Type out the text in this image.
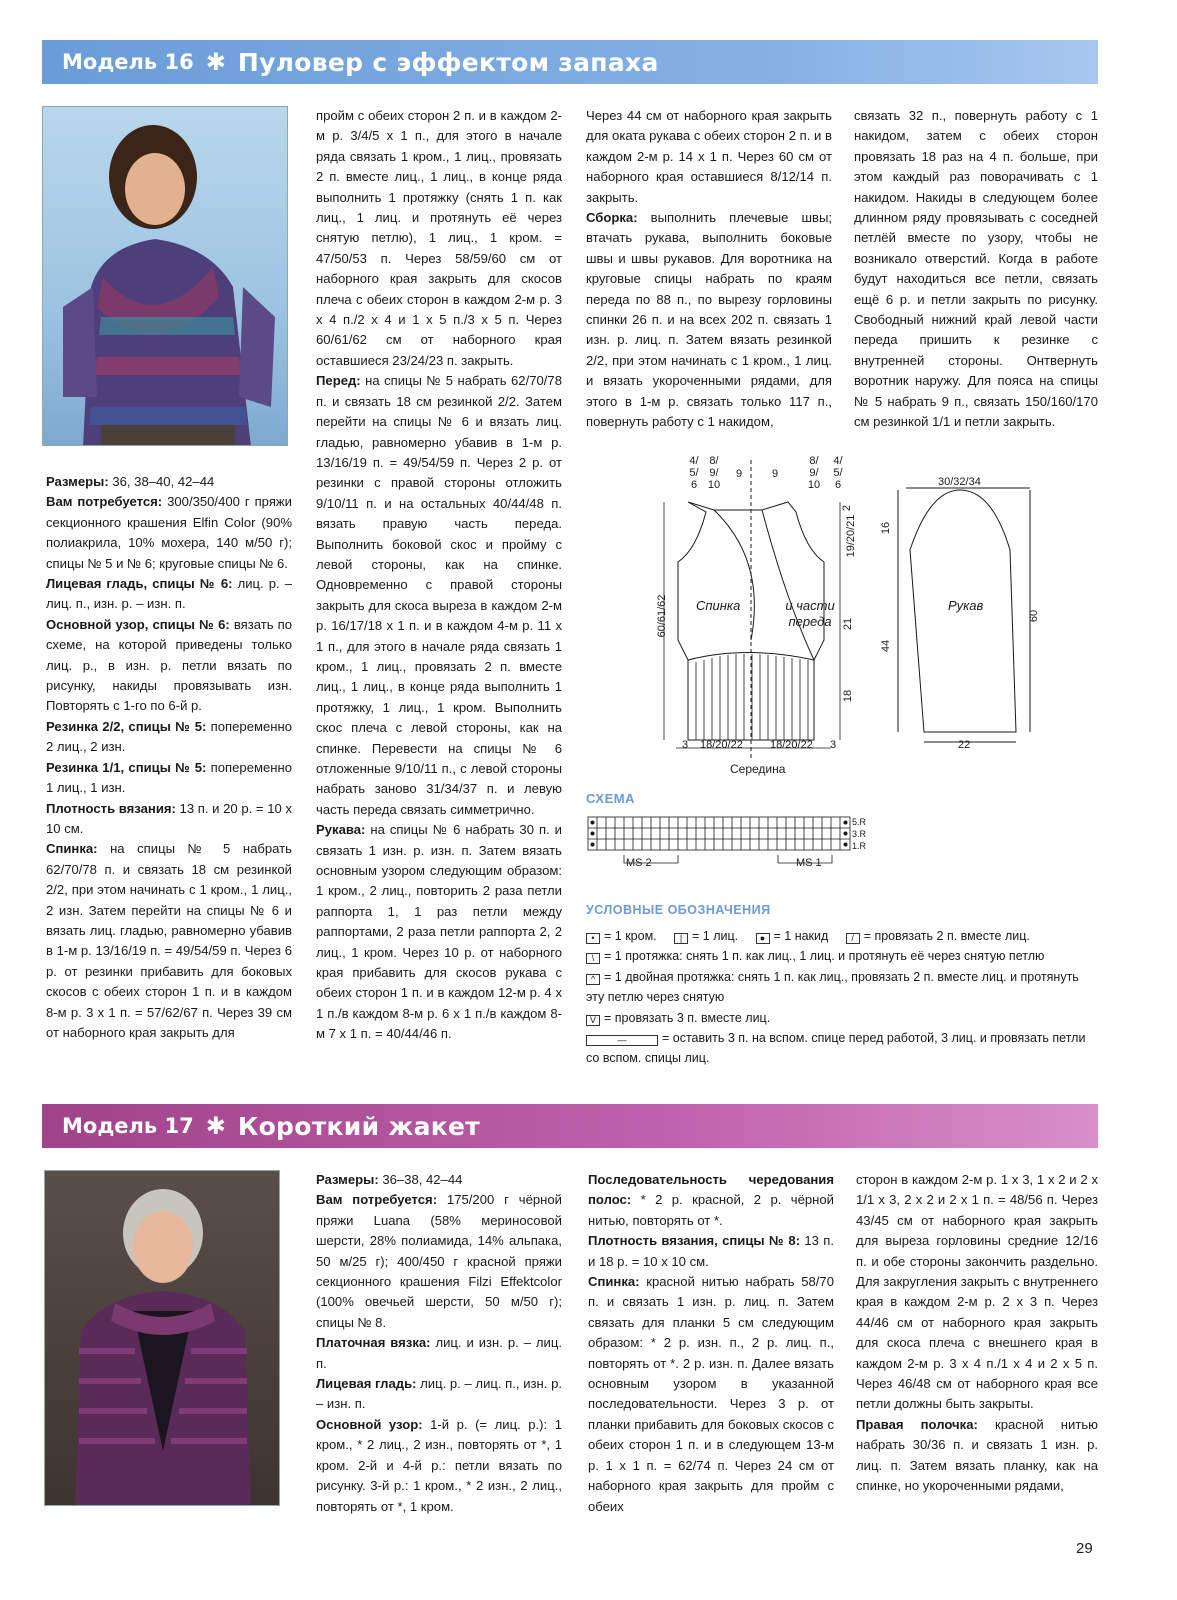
Модель 16 ✱ Пуловер с эффектом запаха

Размеры: 36, 38–40, 42–44

Вам потребуется: 300/350/400 г пряжи секционного крашения Elfin Color (90% полиакрила, 10% мохера, 140 м/50 г); спицы № 5 и № 6; круговые спицы № 6.

Лицевая гладь, спицы № 6: лиц. р. – лиц. п., изн. р. – изн. п.

Основной узор, спицы № 6: вязать по схеме, на которой приведены только лиц. р., в изн. р. петли вязать по рисунку, накиды провязывать изн. Повторять с 1-го по 6-й р.

Резинка 2/2, спицы № 5: попеременно 2 лиц., 2 изн.

Резинка 1/1, спицы № 5: попеременно 1 лиц., 1 изн.

Плотность вязания: 13 п. и 20 р. = 10 х 10 см.

Спинка: на спицы № 5 набрать 62/70/78 п. и связать 18 см резинкой 2/2, при этом начинать с 1 кром., 1 лиц., 2 изн. Затем перейти на спицы № 6 и вязать лиц. гладью, равномерно убавив в 1-м р. 13/16/19 п. = 49/54/59 п. Через 6 р. от резинки прибавить для боковых скосов с обеих сторон 1 п. и в каждом 8-м р. 3 х 1 п. = 57/62/67 п. Через 39 см от наборного края закрыть для

пройм с обеих сторон 2 п. и в каждом 2-м р. 3/4/5 х 1 п., для этого в начале ряда связать 1 кром., 1 лиц., провязать 2 п. вместе лиц., 1 лиц., в конце ряда выполнить 1 протяжку (снять 1 п. как лиц., 1 лиц. и протянуть её через снятую петлю), 1 лиц., 1 кром. = 47/50/53 п. Через 58/59/60 см от наборного края закрыть для скосов плеча с обеих сторон в каждом 2-м р. 3 х 4 п./2 х 4 и 1 х 5 п./3 х 5 п. Через 60/61/62 см от наборного края оставшиеся 23/24/23 п. закрыть.

Перед: на спицы № 5 набрать 62/70/78 п. и связать 18 см резинкой 2/2. Затем перейти на спицы № 6 и вязать лиц. гладью, равномерно убавив в 1-м р. 13/16/19 п. = 49/54/59 п. Через 2 р. от резинки с правой стороны отложить 9/10/11 п. и на остальных 40/44/48 п. вязать правую часть переда. Выполнить боковой скос и пройму с левой стороны, как на спинке. Одновременно с правой стороны закрыть для скоса выреза в каждом 2-м р. 16/17/18 х 1 п. и в каждом 4-м р. 11 х 1 п., для этого в начале ряда связать 1 кром., 1 лиц., провязать 2 п. вместе лиц., 1 лиц., в конце ряда выполнить 1 протяжку, 1 лиц., 1 кром. Выполнить скос плеча с левой стороны, как на спинке. Перевести на спицы № 6 отложенные 9/10/11 п., с левой стороны набрать заново 31/34/37 п. и левую часть переда связать симметрично.

Рукава: на спицы № 6 набрать 30 п. и связать 1 изн. р. изн. п. Затем вязать основным узором следующим образом: 1 кром., 2 лиц., повторить 2 раза петли раппорта 1, 1 раз петли между раппортами, 2 раза петли раппорта 2, 2 лиц., 1 кром. Через 10 р. от наборного края прибавить для скосов рукава с обеих сторон 1 п. и в каждом 12-м р. 4 х 1 п./в каждом 8-м р. 6 х 1 п./в каждом 8-м 7 х 1 п. = 40/44/46 п.

Через 44 см от наборного края закрыть для оката рукава с обеих сторон 2 п. и в каждом 2-м р. 14 х 1 п. Через 60 см от наборного края оставшиеся 8/12/14 п. закрыть.

Сборка: выполнить плечевые швы; втачать рукава, выполнить боковые швы и швы рукавов. Для воротника на круговые спицы набрать по краям переда по 88 п., по вырезу горловины спинки 26 п. и на всех 202 п. связать 1 изн. р. лиц. п. Затем вязать резинкой 2/2, при этом начинать с 1 кром., 1 лиц. и вязать укороченными рядами, для этого в 1-м р. связать только 117 п., повернуть работу с 1 накидом,

связать 32 п., повернуть работу с 1 накидом, затем с обеих сторон провязать 18 раз на 4 п. больше, при этом каждый раз поворачивать с 1 накидом. Накиды в следующем более длинном ряду провязывать с соседней петлёй вместе по узору, чтобы не возникало отверстий. Когда в работе будут находиться все петли, связать ещё 6 р. и петли закрыть по рисунку. Свободный нижний край левой части переда пришить к резинке с внутренней стороны. Онтвернуть воротник наружу. Для пояса на спицы № 5 набрать 9 п., связать 150/160/170 см резинкой 1/1 и петли закрыть.

Спинка	и части переда
4/
5/
6
8/
9/
10
9	9
8/
9/
10
4/
5/
6
60/61/62
2
19/20/21
21
18
3 18/20/22 18/20/22 3
Середина
Рукав
30/32/34
16
44
60
22
СХЕМА
5.R
3.R
1.R
MS 2	MS 1
УСЛОВНЫЕ ОБОЗНАЧЕНИЯ
• = 1 кром.	| = 1 лиц. ● = 1 накид	/ = провязать 2 п. вместе лиц.
\ = 1 протяжка: снять 1 п. как лиц., 1 лиц. и протянуть её через снятую петлю
^ = 1 двойная протяжка: снять 1 п. как лиц., провязать 2 п. вместе лиц. и протянуть эту петлю через снятую
V = провязать 3 п. вместе лиц.
—	= оставить 3 п. на вспом. спице перед работой, 3 лиц. и провязать петли со вспом. спицы лиц.
Модель 17 ✱ Короткий жакет

Размеры: 36–38, 42–44

Вам потребуется: 175/200 г чёрной пряжи Luana (58% мериносовой шерсти, 28% полиамида, 14% альпака, 50 м/25 г); 400/450 г красной пряжи секционного крашения Filzi Effektcolor (100% овечьей шерсти, 50 м/50 г); спицы № 8.

Платочная вязка: лиц. и изн. р. – лиц. п.

Лицевая гладь: лиц. р. – лиц. п., изн. р. – изн. п.

Основной узор: 1-й р. (= лиц. р.): 1 кром., * 2 лиц., 2 изн., повторять от *, 1 кром. 2-й и 4-й р.: петли вязать по рисунку. 3-й р.: 1 кром., * 2 изн., 2 лиц., повторять от *, 1 кром.

Последовательность чередования полос: * 2 р. красной, 2 р. чёрной нитью, повторять от *.

Плотность вязания, спицы № 8: 13 п. и 18 р. = 10 х 10 см.

Спинка: красной нитью набрать 58/70 п. и связать 1 изн. р. лиц. п. Затем связать для планки 5 см следующим образом: * 2 р. изн. п., 2 р. лиц. п., повторять от *. 2 р. изн. п. Далее вязать основным узором в указанной последовательности. Через 3 р. от планки прибавить для боковых скосов с обеих сторон 1 п. и в следующем 13-м р. 1 х 1 п. = 62/74 п. Через 24 см от наборного края закрыть для пройм с обеих

сторон в каждом 2-м р. 1 х 3, 1 х 2 и 2 х 1/1 х 3, 2 х 2 и 2 х 1 п. = 48/56 п. Через 43/45 см от наборного края закрыть для выреза горловины средние 12/16 п. и обе стороны закончить раздельно. Для закругления закрыть с внутреннего края в каждом 2-м р. 2 х 3 п. Через 44/46 см от наборного края закрыть для скоса плеча с внешнего края в каждом 2-м р. 3 х 4 п./1 х 4 и 2 х 5 п. Через 46/48 см от наборного края все петли должны быть закрыты.

Правая полочка: красной нитью набрать 30/36 п. и связать 1 изн. р. лиц. п. Затем вязать планку, как на спинке, но укороченными рядами,

29
